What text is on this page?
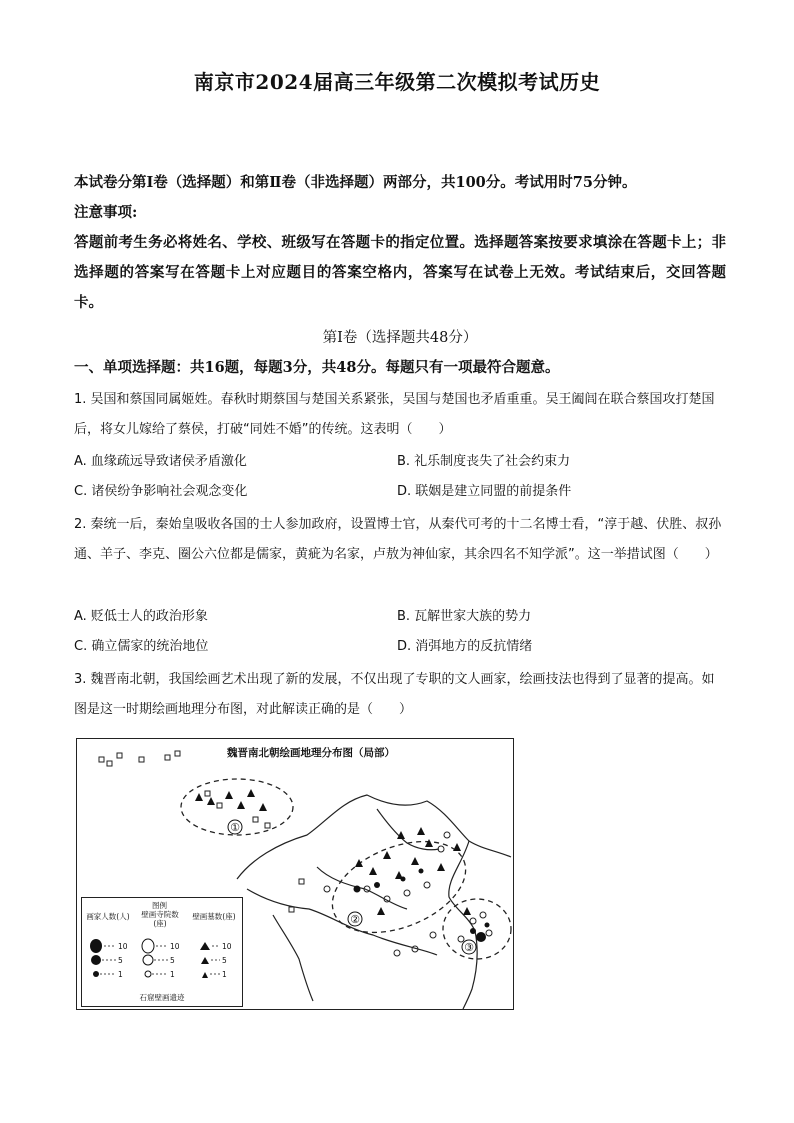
南京市2024届高三年级第二次模拟考试历史
本试卷分第Ⅰ卷（选择题）和第Ⅱ卷（非选择题）两部分，共100分。考试用时75分钟。
注意事项:
答题前考生务必将姓名、学校、班级写在答题卡的指定位置。选择题答案按要求填涂在答题卡上；非选择题的答案写在答题卡上对应题目的答案空格内，答案写在试卷上无效。考试结束后，交回答题卡。
第Ⅰ卷（选择题共48分）
一、单项选择题：共16题，每题3分，共48分。每题只有一项最符合题意。
1. 吴国和蔡国同属姬姓。春秋时期蔡国与楚国关系紧张，吴国与楚国也矛盾重重。吴王阖闾在联合蔡国攻打楚国后，将女儿嫁给了蔡侯，打破“同姓不婚”的传统。这表明（　　）
A. 血缘疏远导致诸侯矛盾激化	B. 礼乐制度丧失了社会约束力
C. 诸侯纷争影响社会观念变化	D. 联姻是建立同盟的前提条件
2. 秦统一后，秦始皇吸收各国的士人参加政府，设置博士官，从秦代可考的十二名博士看，“淳于越、伏胜、叔孙通、羊子、李克、圈公六位都是儒家，黄疵为名家，卢敖为神仙家，其余四名不知学派”。这一举措试图（　　）
A. 贬低士人的政治形象	B. 瓦解世家大族的势力
C. 确立儒家的统治地位	D. 消弭地方的反抗情绪
3. 魏晋南北朝，我国绘画艺术出现了新的发展，不仅出现了专职的文人画家，绘画技法也得到了显著的提高。如图是这一时期绘画地理分布图，对此解读正确的是（　　）
魏晋南北朝绘画地理分布图（局部）
①
②
③
图例
画家人数(人)	壁画寺院数(座)
壁画墓数(座)
10
5
1
10
5
1
10
5
1
石窟壁画遗迹
